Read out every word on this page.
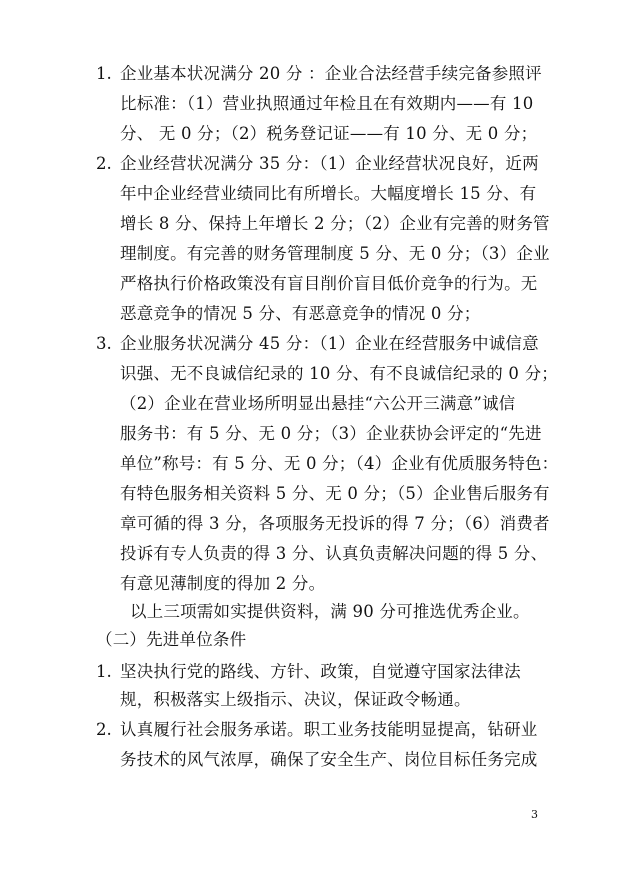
1. 企业基本状况满分 20 分 ：企业合法经营手续完备参照评
比标准：（1）营业执照通过年检且在有效期内——有 10
分、 无 0 分；（2）税务登记证——有 10 分、无 0 分；
2. 企业经营状况满分 35 分：（1）企业经营状况良好，近两
年中企业经营业绩同比有所增长。大幅度增长 15 分、有
增长 8 分、保持上年增长 2 分；（2）企业有完善的财务管
理制度。有完善的财务管理制度 5 分、无 0 分；（3）企业
严格执行价格政策没有盲目削价盲目低价竞争的行为。无
恶意竞争的情况 5 分、有恶意竞争的情况 0 分；
3. 企业服务状况满分 45 分：（1）企业在经营服务中诚信意
识强、无不良诚信纪录的 10 分、有不良诚信纪录的 0 分；
（2）企业在营业场所明显出悬挂“六公开三满意”诚信
服务书：有 5 分、无 0 分；（3）企业获协会评定的“先进
单位”称号：有 5 分、无 0 分；（4）企业有优质服务特色：
有特色服务相关资料 5 分、无 0 分；（5）企业售后服务有
章可循的得 3 分，各项服务无投诉的得 7 分；（6）消费者
投诉有专人负责的得 3 分、认真负责解决问题的得 5 分、
有意见薄制度的得加 2 分。
以上三项需如实提供资料，满 90 分可推选优秀企业。
（二）先进单位条件
1. 坚决执行党的路线、方针、政策，自觉遵守国家法律法
规，积极落实上级指示、决议，保证政令畅通。
2. 认真履行社会服务承诺。职工业务技能明显提高，钻研业
务技术的风气浓厚，确保了安全生产、岗位目标任务完成
3
